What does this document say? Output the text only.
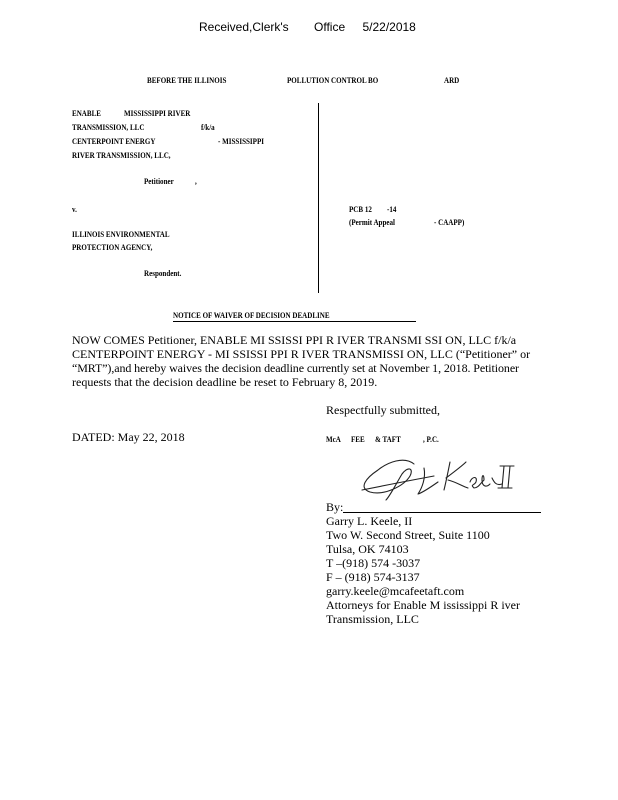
Received,Clerk's Office 5/22/2018
BEFORE THE ILLINOIS	POLLUTION CONTROL BO	ARD
ENABLE	MISSISSIPPI RIVER
TRANSMISSION, LLC	f/k/a
CENTERPOINT ENERGY	- MISSISSIPPI
RIVER TRANSMISSION, LLC,
Petitioner ,
v.
ILLINOIS ENVIRONMENTAL
PROTECTION AGENCY,
Respondent.
PCB 12 -14
(Permit Appeal	- CAAPP)
NOTICE OF WAIVER OF DECISION DEADLINE
NOW COMES Petitioner, ENABLE MI SSISSI PPI R IVER TRANSMI SSI ON, LLC f/k/a
CENTERPOINT ENERGY - MI SSISSI PPI R IVER TRANSMISSI ON, LLC (“Petitioner” or
“MRT”),and hereby waives the decision deadline currently set at November 1, 2018. Petitioner
requests that the decision deadline be reset to February 8, 2019.
Respectfully submitted,
DATED: May 22, 2018	McA FEE & TAFT	, P.C.
By:
Garry L. Keele, II
Two W. Second Street, Suite 1100
Tulsa, OK 74103
T –(918) 574 -3037
F – (918) 574-3137
garry.keele@mcafeetaft.com
Attorneys for Enable M ississippi R iver
Transmission, LLC
